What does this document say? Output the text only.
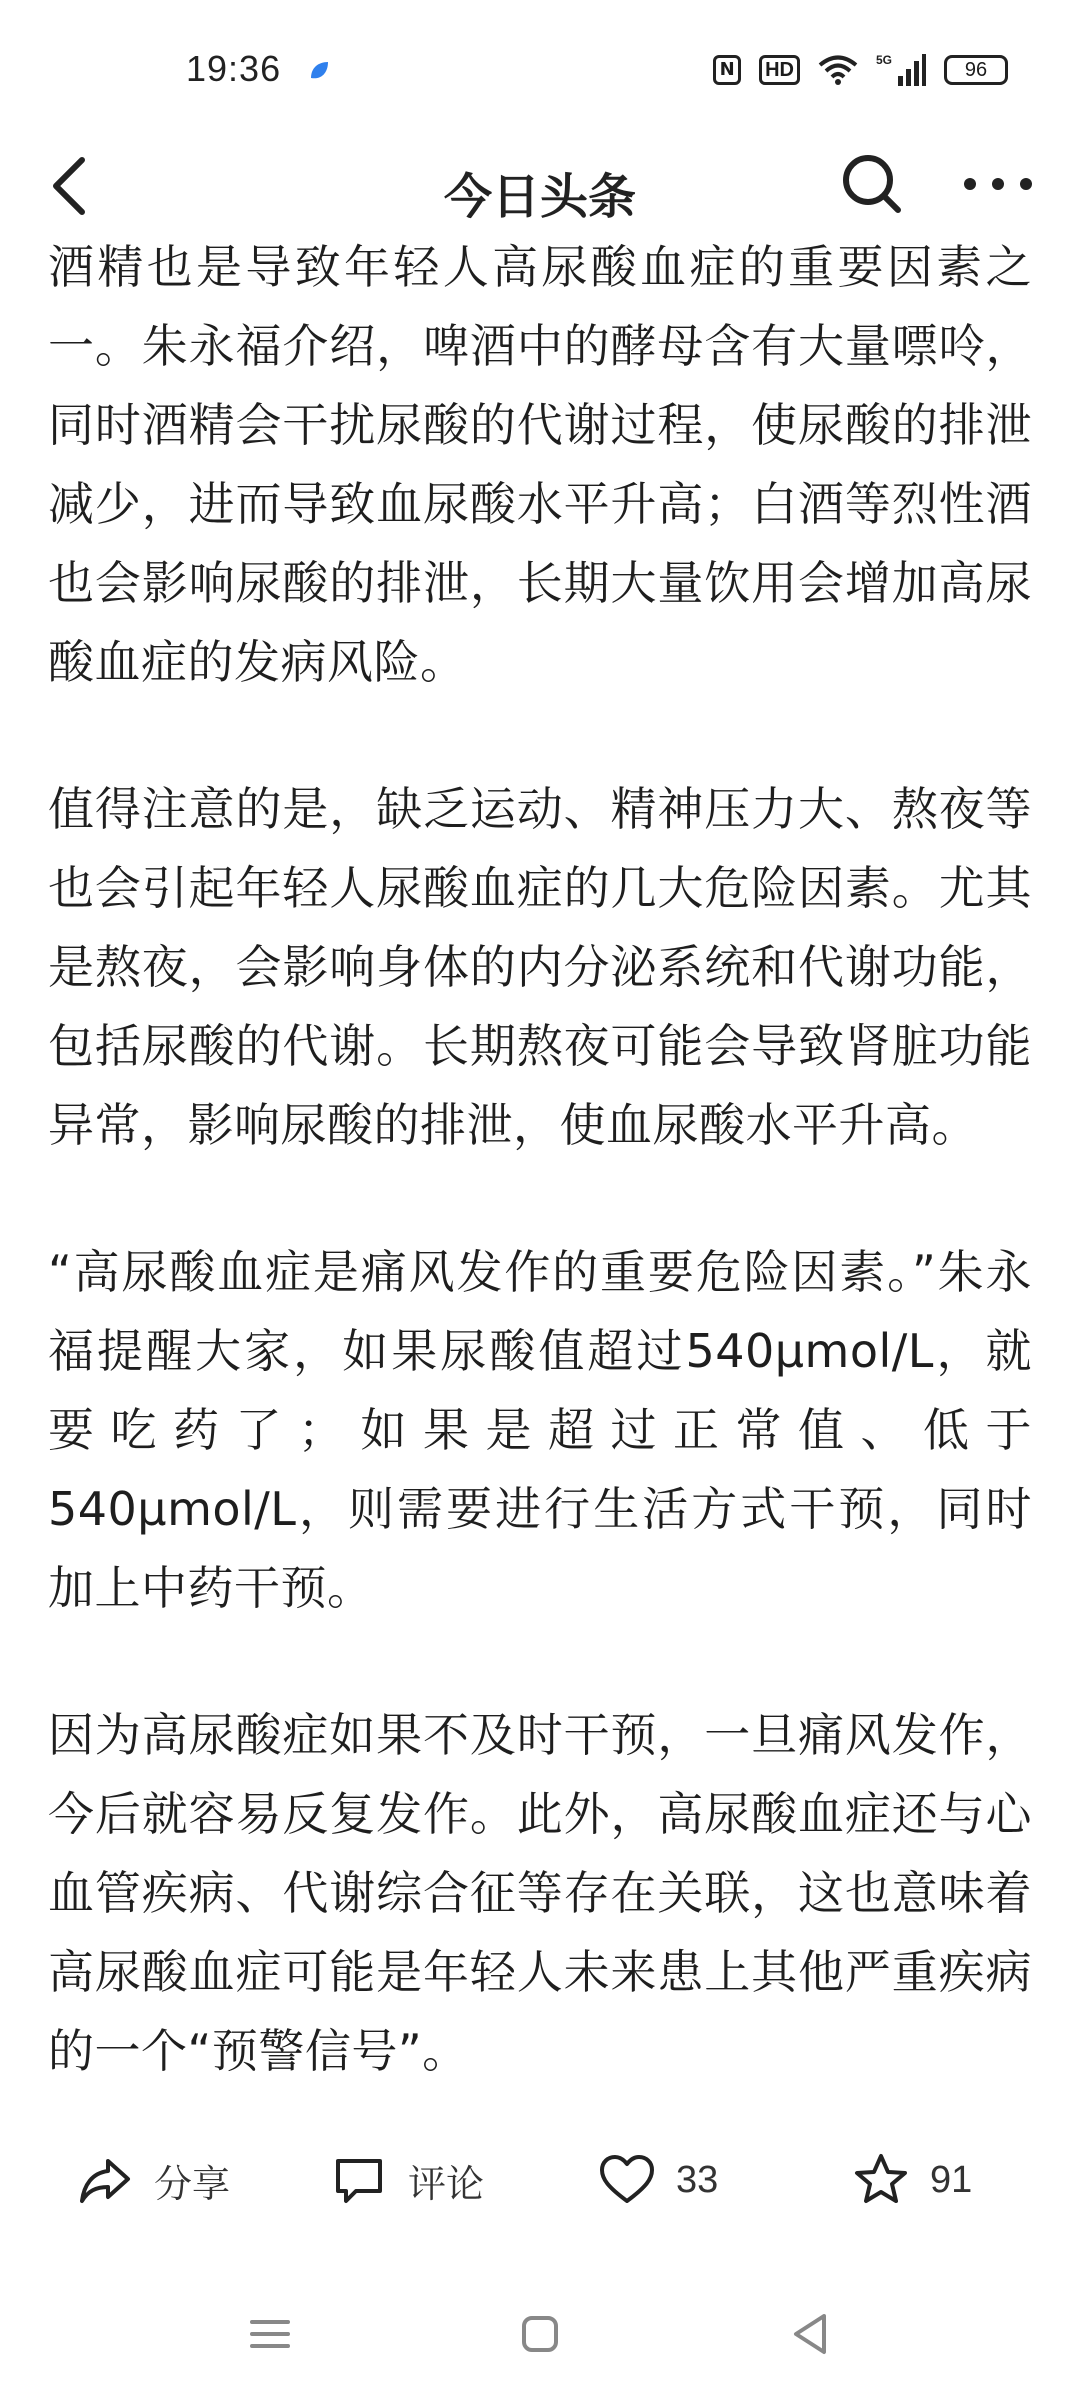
19:36	N	HD	5G	96
今日头条

酒精也是导致年轻人高尿酸血症的重要因素之一。朱永福介绍，啤酒中的酵母含有大量嘌呤，同时酒精会干扰尿酸的代谢过程，使尿酸的排泄减少，进而导致血尿酸水平升高；白酒等烈性酒也会影响尿酸的排泄，长期大量饮用会增加高尿酸血症的发病风险。

值得注意的是，缺乏运动、精神压力大、熬夜等也会引起年轻人尿酸血症的几大危险因素。尤其是熬夜，会影响身体的内分泌系统和代谢功能，包括尿酸的代谢。长期熬夜可能会导致肾脏功能异常，影响尿酸的排泄，使血尿酸水平升高。

“高尿酸血症是痛风发作的重要危险因素。”朱永福提醒大家，如果尿酸值超过540μmol/L，就要吃药了；如果是超过正常值、低于540μmol/L，则需要进行生活方式干预，同时加上中药干预。

因为高尿酸症如果不及时干预，一旦痛风发作，今后就容易反复发作。此外，高尿酸血症还与心血管疾病、代谢综合征等存在关联，这也意味着高尿酸血症可能是年轻人未来患上其他严重疾病的一个“预警信号”。

分享	评论	33	91
